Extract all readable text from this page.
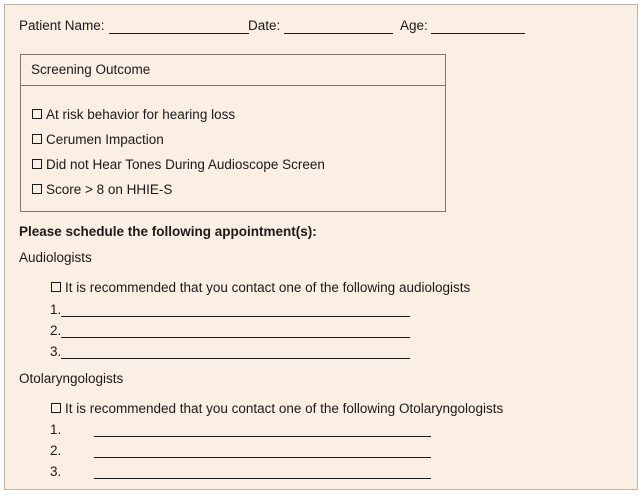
Patient Name:	Date:	Age:
Screening Outcome
At risk behavior for hearing loss
Cerumen Impaction
Did not Hear Tones During Audioscope Screen
Score > 8 on HHIE-S
Please schedule the following appointment(s):
Audiologists
It is recommended that you contact one of the following audiologists
1.
2.
3.
Otolaryngologists
It is recommended that you contact one of the following Otolaryngologists
1.
2.
3.
